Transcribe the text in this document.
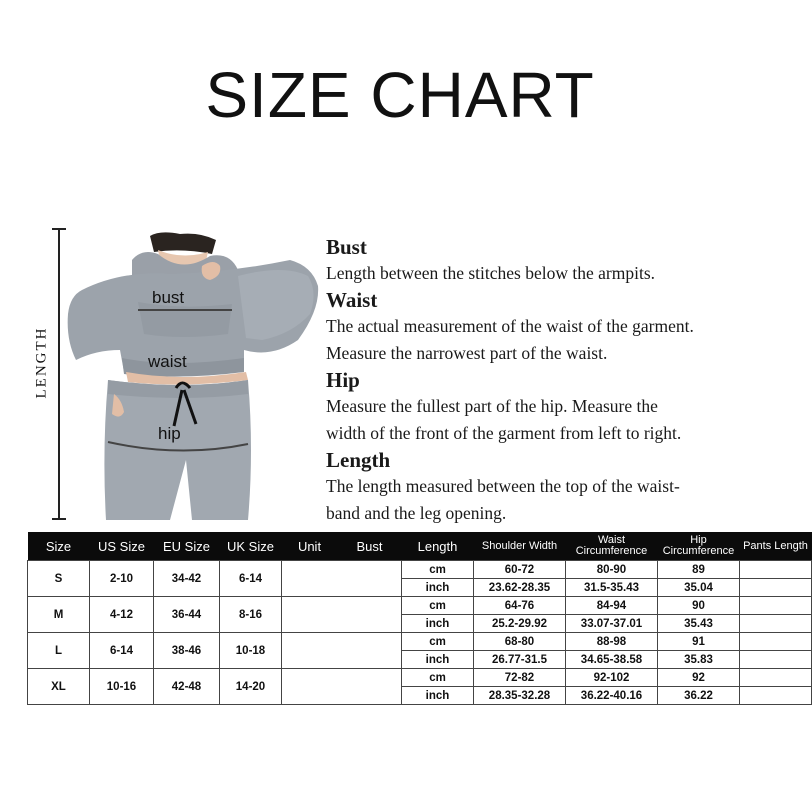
SIZE CHART
LENGTH
bust
waist
hip
Bust
Length between the stitches below the armpits.
Waist
The actual measurement of the waist of the garment.
Measure the narrowest part of the waist.
Hip
Measure the fullest part of the hip. Measure the
width of the front of the garment from left to right.
Length
The length measured between the top of the waist-
band and the leg opening.
Size	US Size	EU Size	UK Size	Unit	Bust	Length	Shoulder Width	Waist Circumference	Hip Circumference	Pants Length
S	2-10	34-42	6-14			cm	60-72	80-90	89	
						inch	23.62-28.35	31.5-35.43	35.04	
M	4-12	36-44	8-16			cm	64-76	84-94	90	
						inch	25.2-29.92	33.07-37.01	35.43	
L	6-14	38-46	10-18			cm	68-80	88-98	91	
						inch	26.77-31.5	34.65-38.58	35.83	
XL	10-16	42-48	14-20			cm	72-82	92-102	92	
						inch	28.35-32.28	36.22-40.16	36.22	
